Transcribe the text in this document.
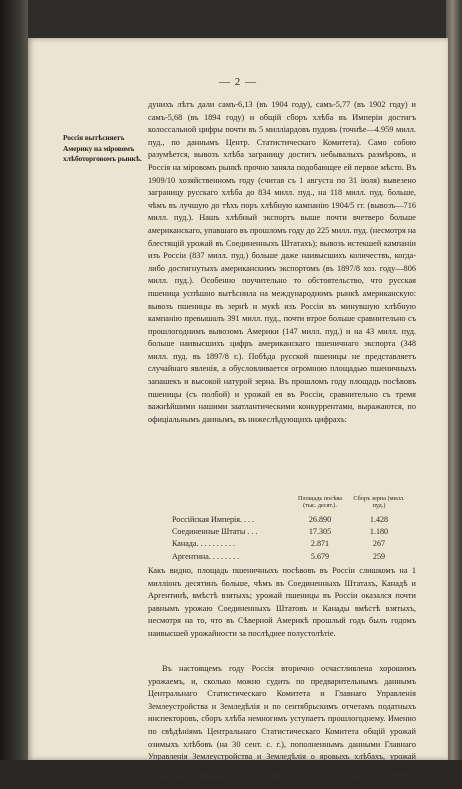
— 2 —
Россія вытѣсняетъ Америку на мiровомъ хлѣботорговомъ рынкѣ.

дунихъ лѣтъ дали самъ-6,13 (въ 1904 году), самъ-5,77 (въ 1902 году) и самъ-5,68 (въ 1894 году) и общій сборъ хлѣба въ Имперіи достигъ колоссальной цифры почти въ 5 милліардовъ пудовъ (точнѣе—4.959 милл. пуд., по даннымъ Центр. Статистическаго Комитета). Само собою разумѣется, вывозъ хлѣба заграницу достигъ небывалыхъ размѣровъ, и Россія на мiровомъ рынкѣ прочно заняла подобающее ей первое мѣсто. Въ 1909/10 хозяйственномъ году (считая съ 1 августа по 31 іюля) вывезено заграницу русскаго хлѣба до 834 милл. пуд., на 118 милл. пуд. больше, чѣмъ въ лучшую до тѣхъ поръ хлѣбную кампанію 1904/5 гг. (вывозъ—716 милл. пуд.). Нашъ хлѣбный экспортъ выше почти вчетверо больше американскаго, упавшаго въ прошломъ году до 225 милл. пуд. (несмотря на блестящій урожай въ Соединенныхъ Штатахъ); вывозъ истекшей кампаніи изъ Россіи (837 милл. пуд.) больше даже наивысшихъ количествъ, когда-либо достигнутыхъ американскимъ экспортомъ (въ 1897/8 хоз. году—806 милл. пуд.). Особенно поучительно то обстоятельство, что русская пшеница успѣшно вытѣснила на международномъ рынкѣ американскую: вывозъ пшеницы въ зернѣ и мукѣ изъ Россіи въ минувшую хлѣбную кампанію превышалъ 391 милл. пуд., почти втрое больше сравнительно съ прошлогоднимъ вывозомъ Америки (147 милл. пуд.) и на 43 милл. пуд. больше наивысшихъ цифръ американскаго пшеничнаго экспорта (348 милл. пуд. въ 1897/8 г.). Побѣда русской пшеницы не представляетъ случайнаго явленія, а обусловливается огромною площадью пшеничныхъ запашекъ и высокой натурой зерна. Въ прошломъ году площадь посѣвовъ пшеницы (съ полбой) и урожай ея въ Россіи, сравнительно съ тремя важнѣйшими нашими заатлантическими конкуррентами, выражаются, по офиціальнымъ даннымъ, въ нижеслѣдующихъ цифрахъ:

Площадь посѣва (тыс. десят.).
Сборъ зерна (милл. пуд.)
Россійская Имперія. . . .	26.890	1.428
Соединенные Штаты . . .	17.305	1.180
Канада. . . . . . . . . .	2.871	267
Аргентина. . . . . . . .	5.679	259

Какъ видно, площадь пшеничныхъ посѣвовъ въ Россіи слишкомъ на 1 милліонъ десятинъ больше, чѣмъ въ Соединенныхъ Штатахъ, Канадѣ и Аргентинѣ, вмѣстѣ взятыхъ; урожай пшеницы въ Россіи оказался почти равнымъ урожаю Соединенныхъ Штатовъ и Канады вмѣстѣ взятыхъ, несмотря на то, что въ Сѣверной Америкѣ прошлый годъ былъ годомъ наивысшей урожайности за послѣднее полустолѣтіе.

Въ настоящемъ году Россія вторично осчастливлена хорошимъ урожаемъ, и, сколько можно судить по предварительнымъ даннымъ Центральнаго Статистическаго Комитета и Главнаго Управленія Землеустройства и Земледѣлія и по сентябрьскимъ отчетамъ податныхъ инспекторовъ, сборъ хлѣба немногимъ уступаетъ прошлогоднему. Именно по свѣдѣніямъ Центральнаго Статистическаго Комитета общій урожай озимыхъ хлѣбовъ (на 30 сент. с. г.), пополненнымъ данными Главнаго Управленія Землеустройства и Земледѣлія о яровыхъ хлѣбахъ, урожай текущаго года въ 73 губ. Европейской и Азіатской Россіи (безъ Закавказья, Туркестана и Дальняго Востока) можетъ быть исчисленъ въ
